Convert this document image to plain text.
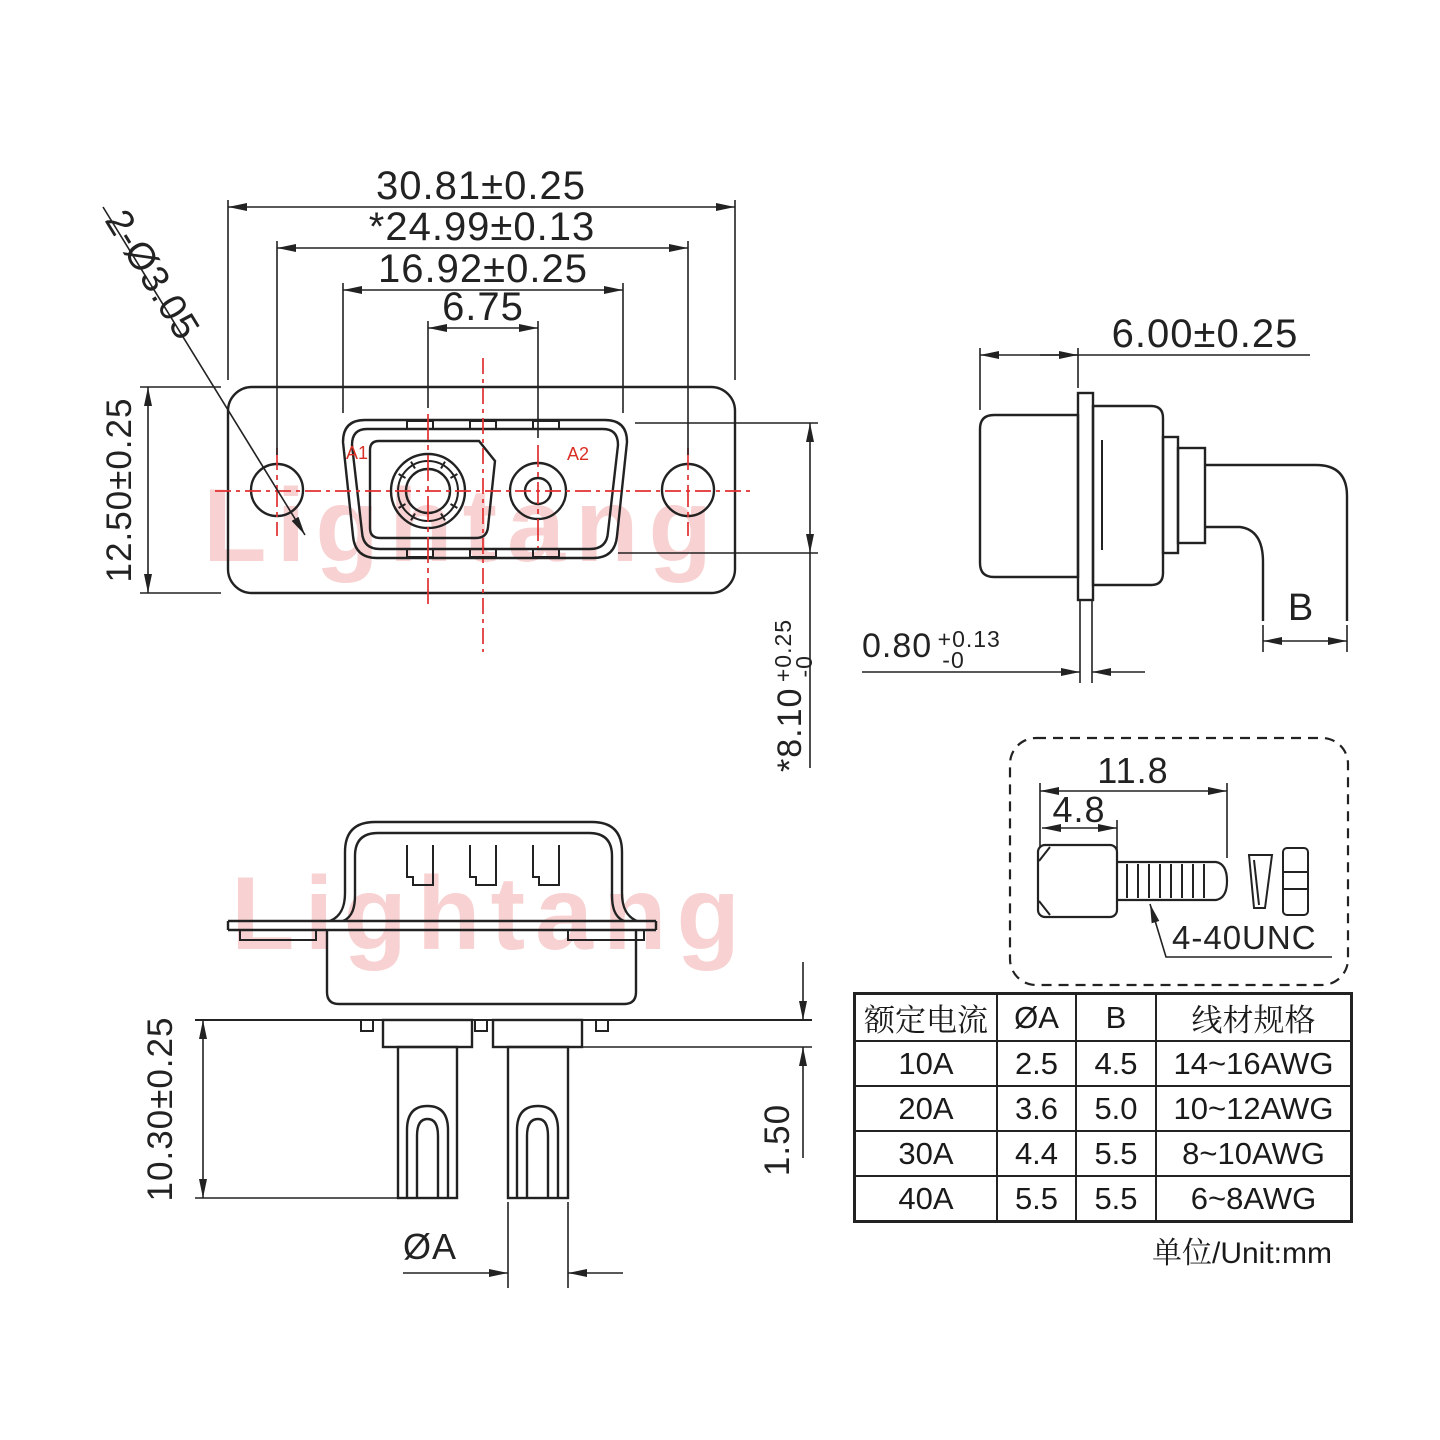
Lightang
Lightang
A1	A2
30.81±0.25
*24.99±0.13
16.92±0.25
6.75
12.50±0.25
2-Ø3.05
*8.10 +0.25 -0
6.00±0.25
0.80 +0.13 -0
B
10.30±0.25	1.50
ØA
11.8
4.8
4-40UNC
额定电流 ØA	B	线材规格
10A	2.5	4.5	14~16AWG
20A	3.6	5.0	10~12AWG
30A	4.4	5.5	8~10AWG
40A	5.5	5.5	6~8AWG
单位/Unit:mm
